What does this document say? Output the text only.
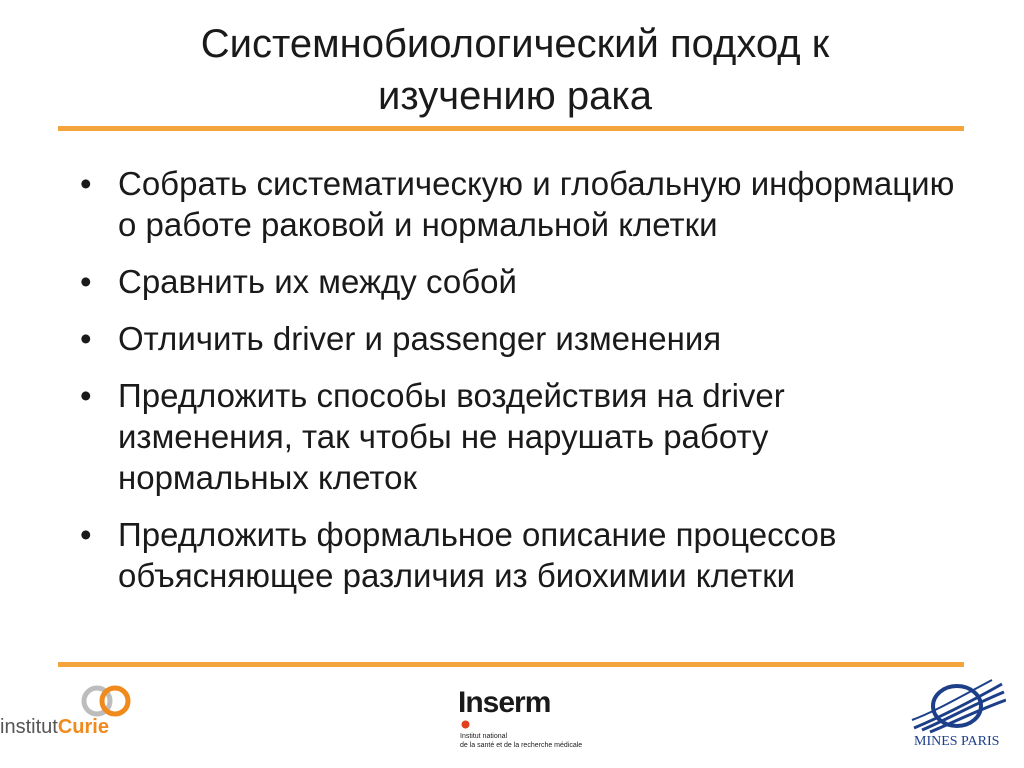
Системнобиологический подход к
изучению рака
• Собрать систематическую и глобальную информацию о работе раковой и нормальной клетки
• Сравнить их между собой
• Отличить driver и passenger изменения
• Предложить способы воздействия на driver изменения, так чтобы не нарушать работу нормальных клеток
• Предложить формальное описание процессов объясняющее различия из биохимии клетки
institutCurie
Inserm
Institut national
de la santé et de la recherche médicale	MINES PARIS
